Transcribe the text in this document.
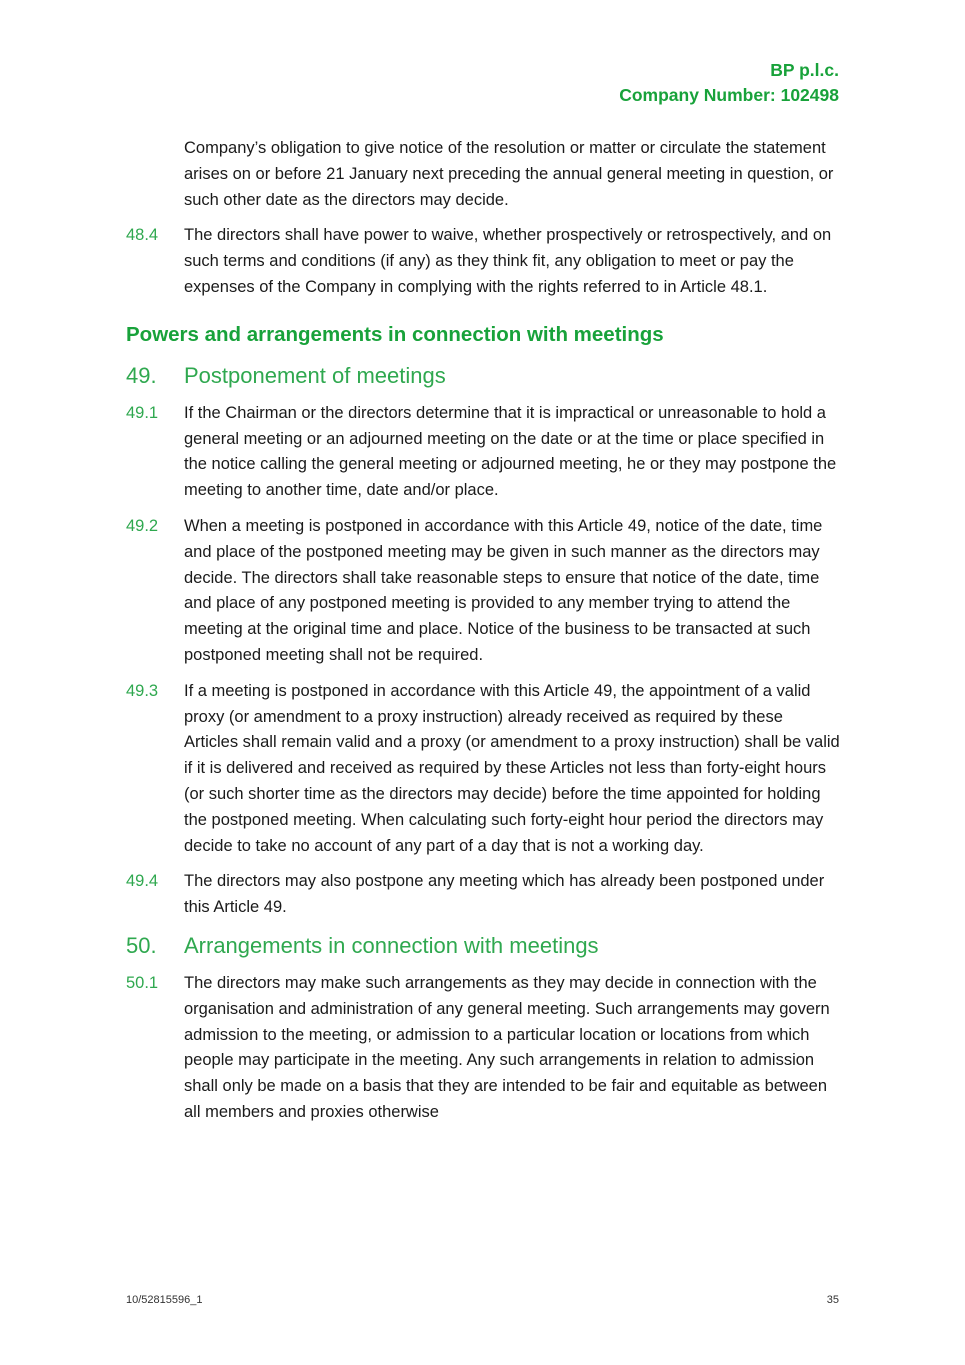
BP p.l.c.
Company Number: 102498
Company’s obligation to give notice of the resolution or matter or circulate the statement arises on or before 21 January next preceding the annual general meeting in question, or such other date as the directors may decide.
48.4	The directors shall have power to waive, whether prospectively or retrospectively, and on such terms and conditions (if any) as they think fit, any obligation to meet or pay the expenses of the Company in complying with the rights referred to in Article 48.1.
Powers and arrangements in connection with meetings
49.	Postponement of meetings
49.1	If the Chairman or the directors determine that it is impractical or unreasonable to hold a general meeting or an adjourned meeting on the date or at the time or place specified in the notice calling the general meeting or adjourned meeting, he or they may postpone the meeting to another time, date and/or place.
49.2	When a meeting is postponed in accordance with this Article 49, notice of the date, time and place of the postponed meeting may be given in such manner as the directors may decide. The directors shall take reasonable steps to ensure that notice of the date, time and place of any postponed meeting is provided to any member trying to attend the meeting at the original time and place. Notice of the business to be transacted at such postponed meeting shall not be required.
49.3	If a meeting is postponed in accordance with this Article 49, the appointment of a valid proxy (or amendment to a proxy instruction) already received as required by these Articles shall remain valid and a proxy (or amendment to a proxy instruction) shall be valid if it is delivered and received as required by these Articles not less than forty-eight hours (or such shorter time as the directors may decide) before the time appointed for holding the postponed meeting. When calculating such forty-eight hour period the directors may decide to take no account of any part of a day that is not a working day.
49.4	The directors may also postpone any meeting which has already been postponed under this Article 49.
50.	Arrangements in connection with meetings
50.1	The directors may make such arrangements as they may decide in connection with the organisation and administration of any general meeting. Such arrangements may govern admission to the meeting, or admission to a particular location or locations from which people may participate in the meeting. Any such arrangements in relation to admission shall only be made on a basis that they are intended to be fair and equitable as between all members and proxies otherwise
10/52815596_1	35
